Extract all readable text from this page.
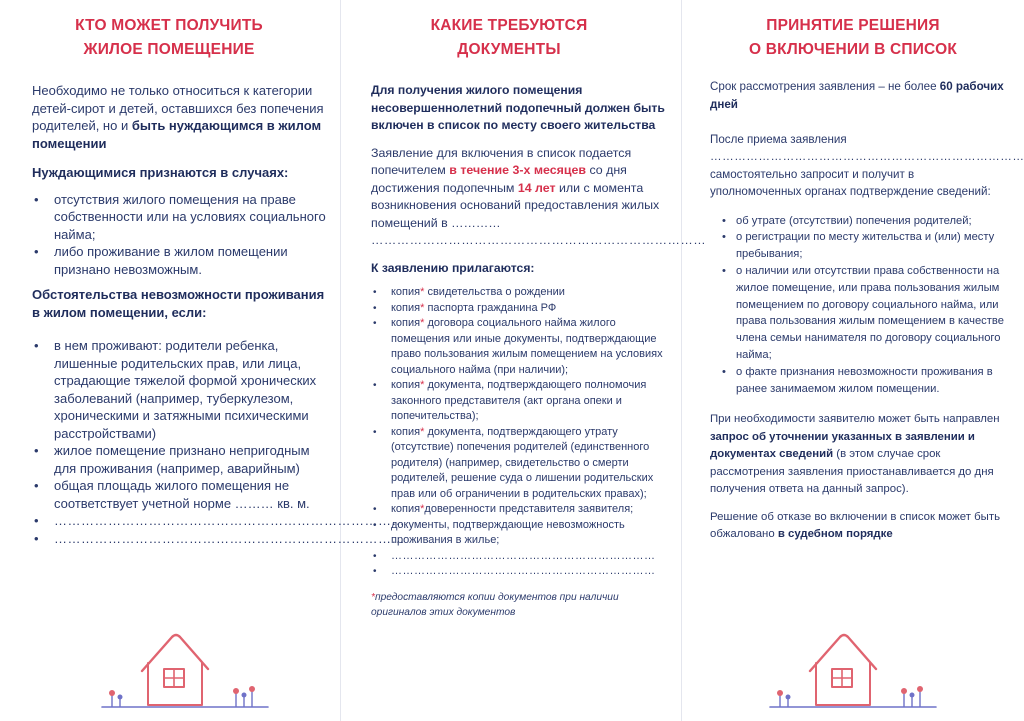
КТО МОЖЕТ ПОЛУЧИТЬ
ЖИЛОЕ ПОМЕЩЕНИЕ

Необходимо не только относиться к категории детей-сирот и детей, оставшихся без попечения родителей, но и быть нуждающимся в жилом помещении

Нуждающимися признаются в случаях:

• отсутствия жилого помещения на праве собственности или на условиях социального найма;
• либо проживание в жилом помещении признано невозможным.

Обстоятельства невозможности проживания в жилом помещении, если:

• в нем проживают: родители ребенка, лишенные родительских прав, или лица, страдающие тяжелой формой хронических заболеваний (например, туберкулезом, хроническими и затяжными психическими расстройствами)
• жилое помещение признано непригодным для проживания (например, аварийным)
• общая площадь жилого помещения не соответствует учетной норме ……… кв. м.
• ……………………………………………………………………
• ……………………………………………………………………
КАКИЕ ТРЕБУЮТСЯ
ДОКУМЕНТЫ

Для получения жилого помещения несовершеннолетний подопечный должен быть включен в список по месту своего жительства

Заявление для включения в список подается попечителем в течение 3-х месяцев со дня достижения подопечным 14 лет или с момента возникновения оснований предоставления жилых помещений в …………

……………………………………………………………………

К заявлению прилагаются:

• копия* свидетельства о рождении
• копия* паспорта гражданина РФ
• копия* договора социального найма жилого помещения или иные документы, подтверждающие право пользования жилым помещением на условиях социального найма (при наличии);
• копия* документа, подтверждающего полномочия законного представителя (акт органа опеки и попечительства);
• копия* документа, подтверждающего утрату (отсутствие) попечения родителей (единственного родителя) (например, свидетельство о смерти родителей, решение суда о лишении родительских прав или об ограничении в родительских правах);
• копия*доверенности представителя заявителя;
• документы, подтверждающие невозможность проживания в жилье;
• ……………………………………………………………
• ……………………………………………………………

*предоставляются копии документов при наличии оригиналов этих документов

ПРИНЯТИЕ РЕШЕНИЯ
О ВКЛЮЧЕНИИ В СПИСОК

Срок рассмотрения заявления – не более 60 рабочих дней

После приема заявления

……………………………………………………………………

самостоятельно запросит и получит в уполномоченных органах подтверждение сведений:

• об утрате (отсутствии) попечения родителей;
• о регистрации по месту жительства и (или) месту пребывания;
• о наличии или отсутствии права собственности на жилое помещение, или права пользования жилым помещением по договору социального найма, или права пользования жилым помещением в качестве члена семьи нанимателя по договору социального найма;
• о факте признания невозможности проживания в ранее занимаемом жилом помещении.

При необходимости заявителю может быть направлен запрос об уточнении указанных в заявлении и документах сведений (в этом случае срок рассмотрения заявления приостанавливается до дня получения ответа на данный запрос).

Решение об отказе во включении в список может быть обжаловано в судебном порядке
